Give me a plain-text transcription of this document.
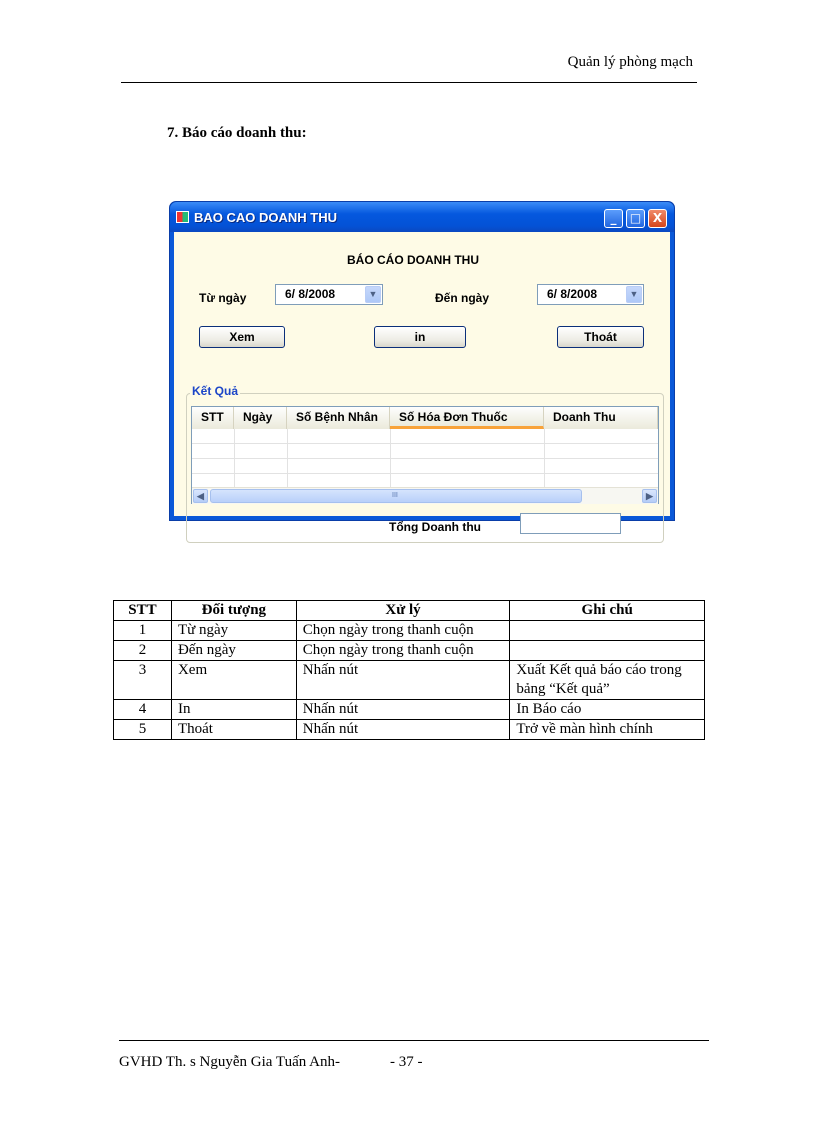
Quản lý phòng mạch
7. Báo cáo doanh thu:
BAO CAO DOANH THU	_	□ X
BÁO CÁO DOANH THU
Từ ngày	6/ 8/2008	▼	Đến ngày	6/ 8/2008	▼
Xem	in	Thoát
Kết Quả
STT	Ngày	Số Bệnh Nhân	Số Hóa Đơn Thuốc	Doanh Thu
◀	III	▶
Tổng Doanh thu
STT	Đối tượng	Xử lý	Ghi chú
1	Từ ngày	Chọn ngày trong thanh cuộn	
2	Đến ngày	Chọn ngày trong thanh cuộn	
3	Xem	Nhấn nút	Xuất Kết quả báo cáo trong bảng “Kết quả”
4	In	Nhấn nút	In Báo cáo
5	Thoát	Nhấn nút	Trở về màn hình chính
GVHD Th. s Nguyễn Gia Tuấn Anh-	- 37 -
